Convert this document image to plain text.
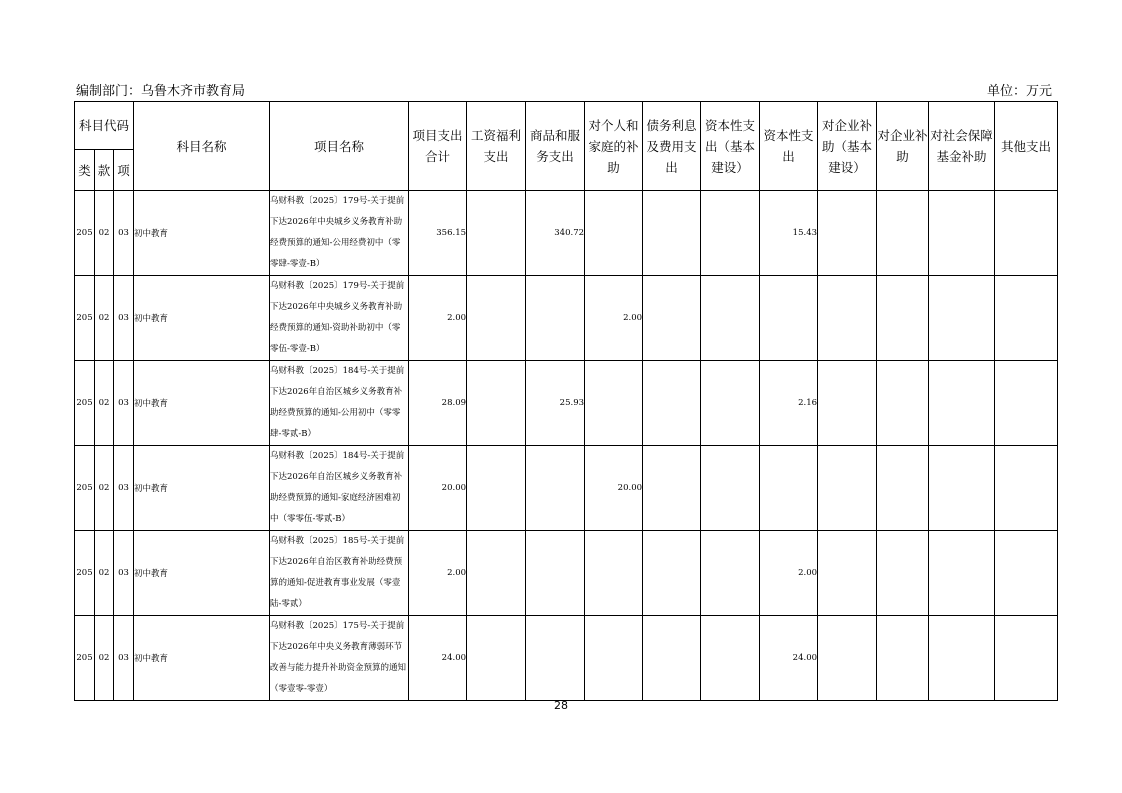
编制部门：乌鲁木齐市教育局	单位：万元
科目代码			科目名称	项目名称	项目支出合计	工资福利支出	商品和服务支出	对个人和家庭的补助	债务利息及费用支出	资本性支出（基本建设）	资本性支出	对企业补助（基本建设）	对企业补助	对社会保障基金补助	其他支出
类	款	项													
205	02	03	初中教育	乌财科教〔2025〕179号-关于提前下达2026年中央城乡义务教育补助经费预算的通知-公用经费初中（零零肆-零壹-B）	356.15		340.72				15.43				
205	02	03	初中教育	乌财科教〔2025〕179号-关于提前下达2026年中央城乡义务教育补助经费预算的通知-资助补助初中（零零伍-零壹-B）	2.00			2.00							
205	02	03	初中教育	乌财科教〔2025〕184号-关于提前下达2026年自治区城乡义务教育补助经费预算的通知-公用初中（零零肆-零贰-B）	28.09		25.93				2.16				
205	02	03	初中教育	乌财科教〔2025〕184号-关于提前下达2026年自治区城乡义务教育补助经费预算的通知-家庭经济困难初中（零零伍-零贰-B）	20.00			20.00							
205	02	03	初中教育	乌财科教〔2025〕185号-关于提前下达2026年自治区教育补助经费预算的通知-促进教育事业发展（零壹陆-零贰）	2.00						2.00				
205	02	03	初中教育	乌财科教〔2025〕175号-关于提前下达2026年中央义务教育薄弱环节改善与能力提升补助资金预算的通知（零壹零-零壹）	24.00						24.00				
28
